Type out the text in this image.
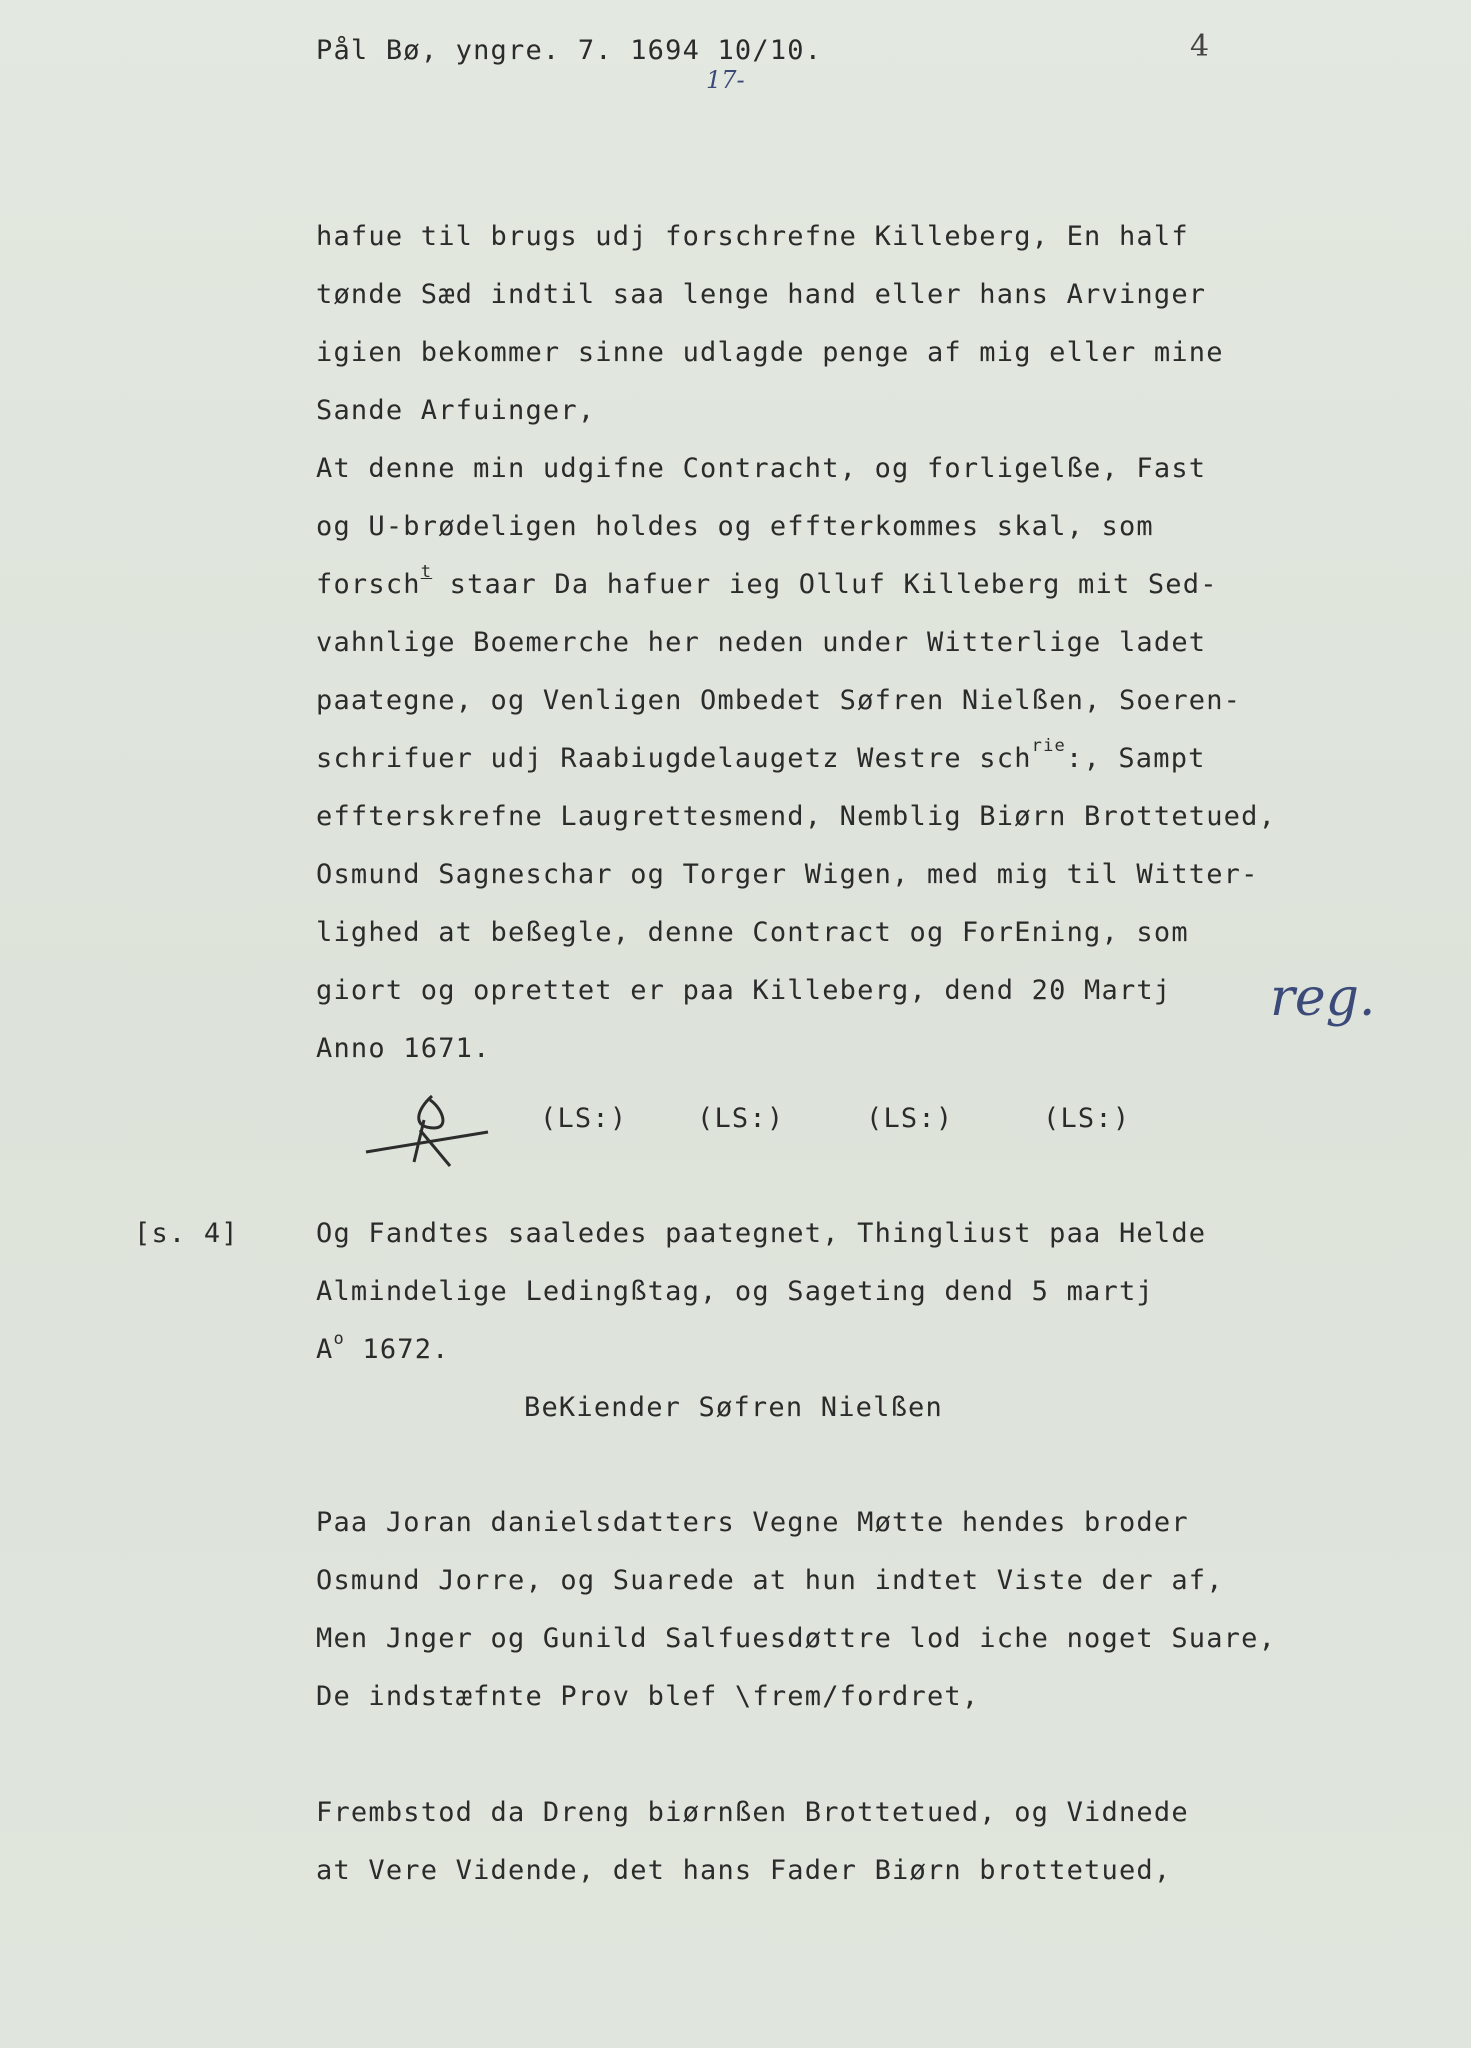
Pål Bø, yngre. 7. 1694 10/10.
17-
4
hafue til brugs udj forschrefne Killeberg, En half
tønde Sæd indtil saa lenge hand eller hans Arvinger
igien bekommer sinne udlagde penge af mig eller mine
Sande Arfuinger,
At denne min udgifne Contracht, og forligelße, Fast
og U-brødeligen holdes og effterkommes skal, som
forsch$^t$ staar Da hafuer ieg Olluf Killeberg mit Sed-
vahnlige Boemerche her neden under Witterlige ladet
paategne, og Venligen Ombedet Søfren Nielßen, Soeren-
schrifuer udj Raabiugdelaugetz Westre sch$^{rie}$:, Sampt
effterskrefne Laugrettesmend, Nemblig Biørn Brottetued,
Osmund Sagneschar og Torger Wigen, med mig til Witter-
lighed at beßegle, denne Contract og ForEning, som
giort og oprettet er paa Killeberg, dend 20 Martj
Anno 1671.
reg.
(LS:)	(LS:)	(LS:)	(LS:)
[s. 4]	Og Fandtes saaledes paategnet, Thingliust paa Helde
Almindelige Ledingßtag, og Sageting dend 5 martj
$A^o$ 1672.
BeKiender Søfren Nielßen
Paa Joran danielsdatters Vegne Møtte hendes broder
Osmund Jorre, og Suarede at hun indtet Viste der af,
Men Jnger og Gunild Salfuesdøttre lod iche noget Suare,
De indstæfnte Prov blef \frem/fordret,
Frembstod da Dreng biørnßen Brottetued, og Vidnede
at Vere Vidende, det hans Fader Biørn brottetued,
